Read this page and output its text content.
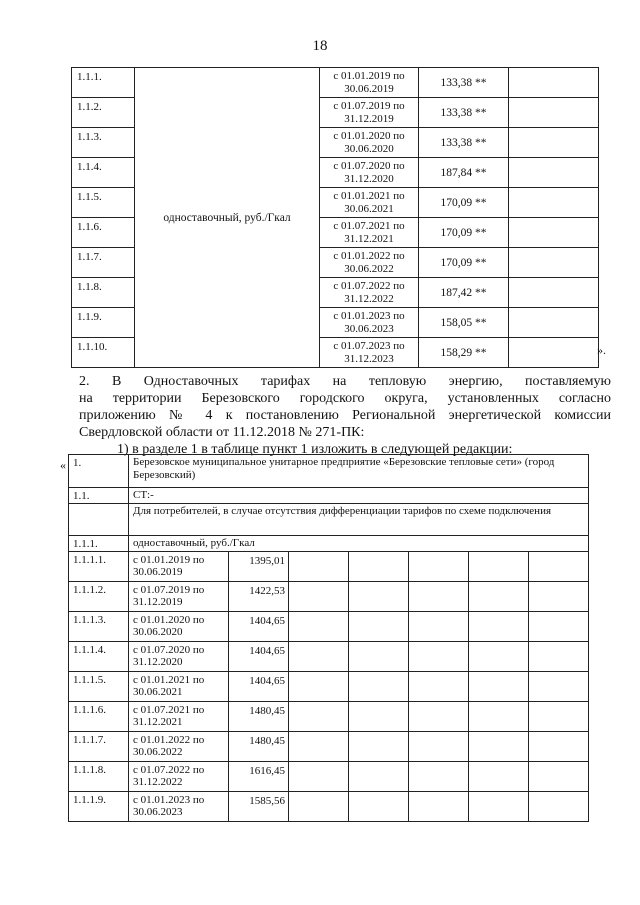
18
1.1.1.	одноставочный, руб./Гкал	с 01.01.2019 по 30.06.2019	133,38 **	
1.1.2.		с 01.07.2019 по 31.12.2019	133,38 **	
1.1.3.		с 01.01.2020 по 30.06.2020	133,38 **	
1.1.4.		с 01.07.2020 по 31.12.2020	187,84 **	
1.1.5.		с 01.01.2021 по 30.06.2021	170,09 **	
1.1.6.		с 01.07.2021 по 31.12.2021	170,09 **	
1.1.7.		с 01.01.2022 по 30.06.2022	170,09 **	
1.1.8.		с 01.07.2022 по 31.12.2022	187,42 **	
1.1.9.		с 01.01.2023 по 30.06.2023	158,05 **	
1.1.10.		с 01.07.2023 по 31.12.2023	158,29 **		».
2. В Одноставочных тарифах на тепловую энергию, поставляемую
на территории Березовского городского округа, установленных согласно
приложению № 4 к постановлению Региональной энергетической комиссии
Свердловской области от 11.12.2018 № 271-ПК:
1) в разделе 1 в таблице пункт 1 изложить в следующей редакции:
« 1.	Березовское муниципальное унитарное предприятие «Березовские тепловые сети» (город Березовский)						
1.1.	СТ:-						
	Для потребителей, в случае отсутствия дифференциации тарифов по схеме подключения						
1.1.1.	одноставочный, руб./Гкал						
1.1.1.1.	с 01.01.2019 по 30.06.2019	1395,01					
1.1.1.2.	с 01.07.2019 по 31.12.2019	1422,53					
1.1.1.3.	с 01.01.2020 по 30.06.2020	1404,65					
1.1.1.4.	с 01.07.2020 по 31.12.2020	1404,65					
1.1.1.5.	с 01.01.2021 по 30.06.2021	1404,65					
1.1.1.6.	с 01.07.2021 по 31.12.2021	1480,45					
1.1.1.7.	с 01.01.2022 по 30.06.2022	1480,45					
1.1.1.8.	с 01.07.2022 по 31.12.2022	1616,45					
1.1.1.9.	с 01.01.2023 по 30.06.2023	1585,56					
